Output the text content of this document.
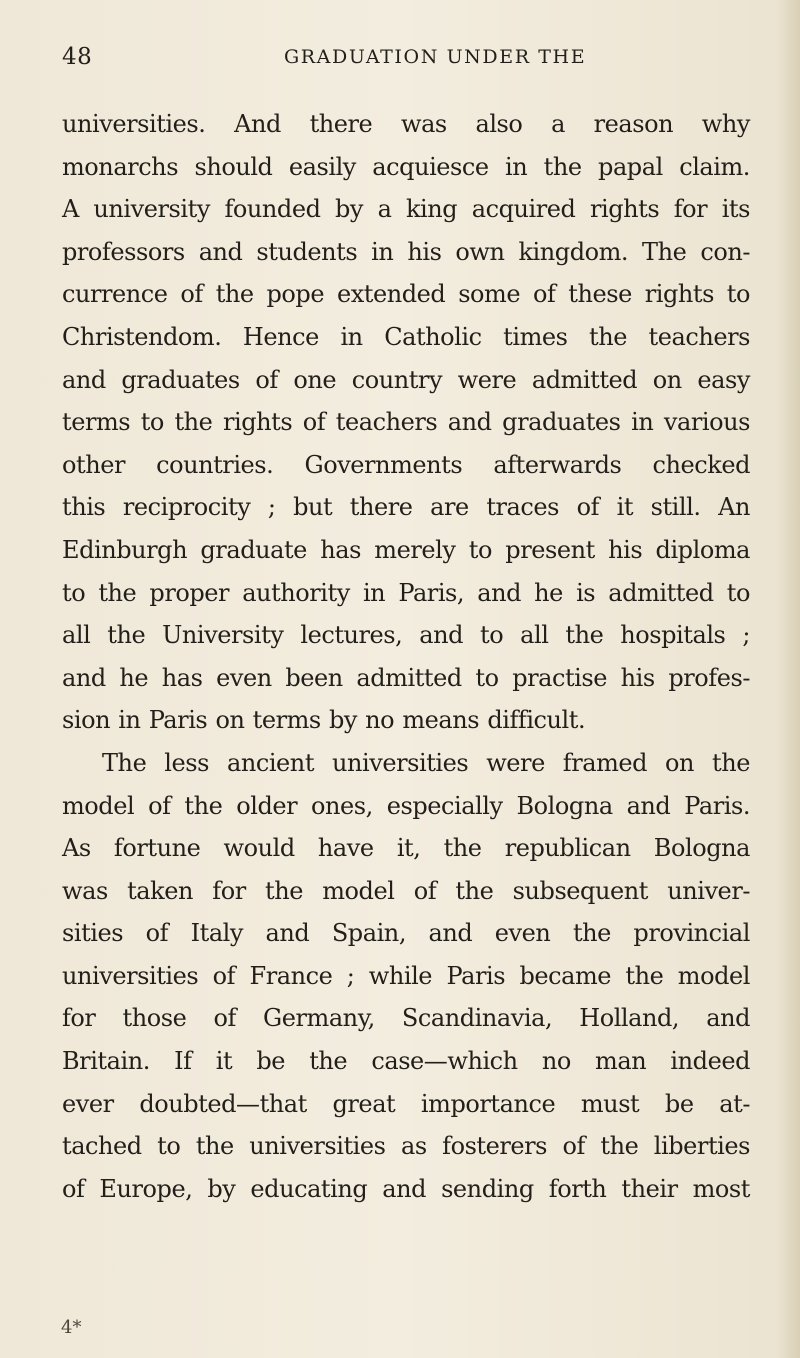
48	GRADUATION UNDER THE
universities. And there was also a reason why
monarchs should easily acquiesce in the papal claim.
A university founded by a king acquired rights for its
professors and students in his own kingdom. The con-
currence of the pope extended some of these rights to
Christendom. Hence in Catholic times the teachers
and graduates of one country were admitted on easy
terms to the rights of teachers and graduates in various
other countries. Governments afterwards checked
this reciprocity ; but there are traces of it still. An
Edinburgh graduate has merely to present his diploma
to the proper authority in Paris, and he is admitted to
all the University lectures, and to all the hospitals ;
and he has even been admitted to practise his profes-
sion in Paris on terms by no means difficult.
The less ancient universities were framed on the
model of the older ones, especially Bologna and Paris.
As fortune would have it, the republican Bologna
was taken for the model of the subsequent univer-
sities of Italy and Spain, and even the provincial
universities of France ; while Paris became the model
for those of Germany, Scandinavia, Holland, and
Britain. If it be the case—which no man indeed
ever doubted—that great importance must be at-
tached to the universities as fosterers of the liberties
of Europe, by educating and sending forth their most
4*
